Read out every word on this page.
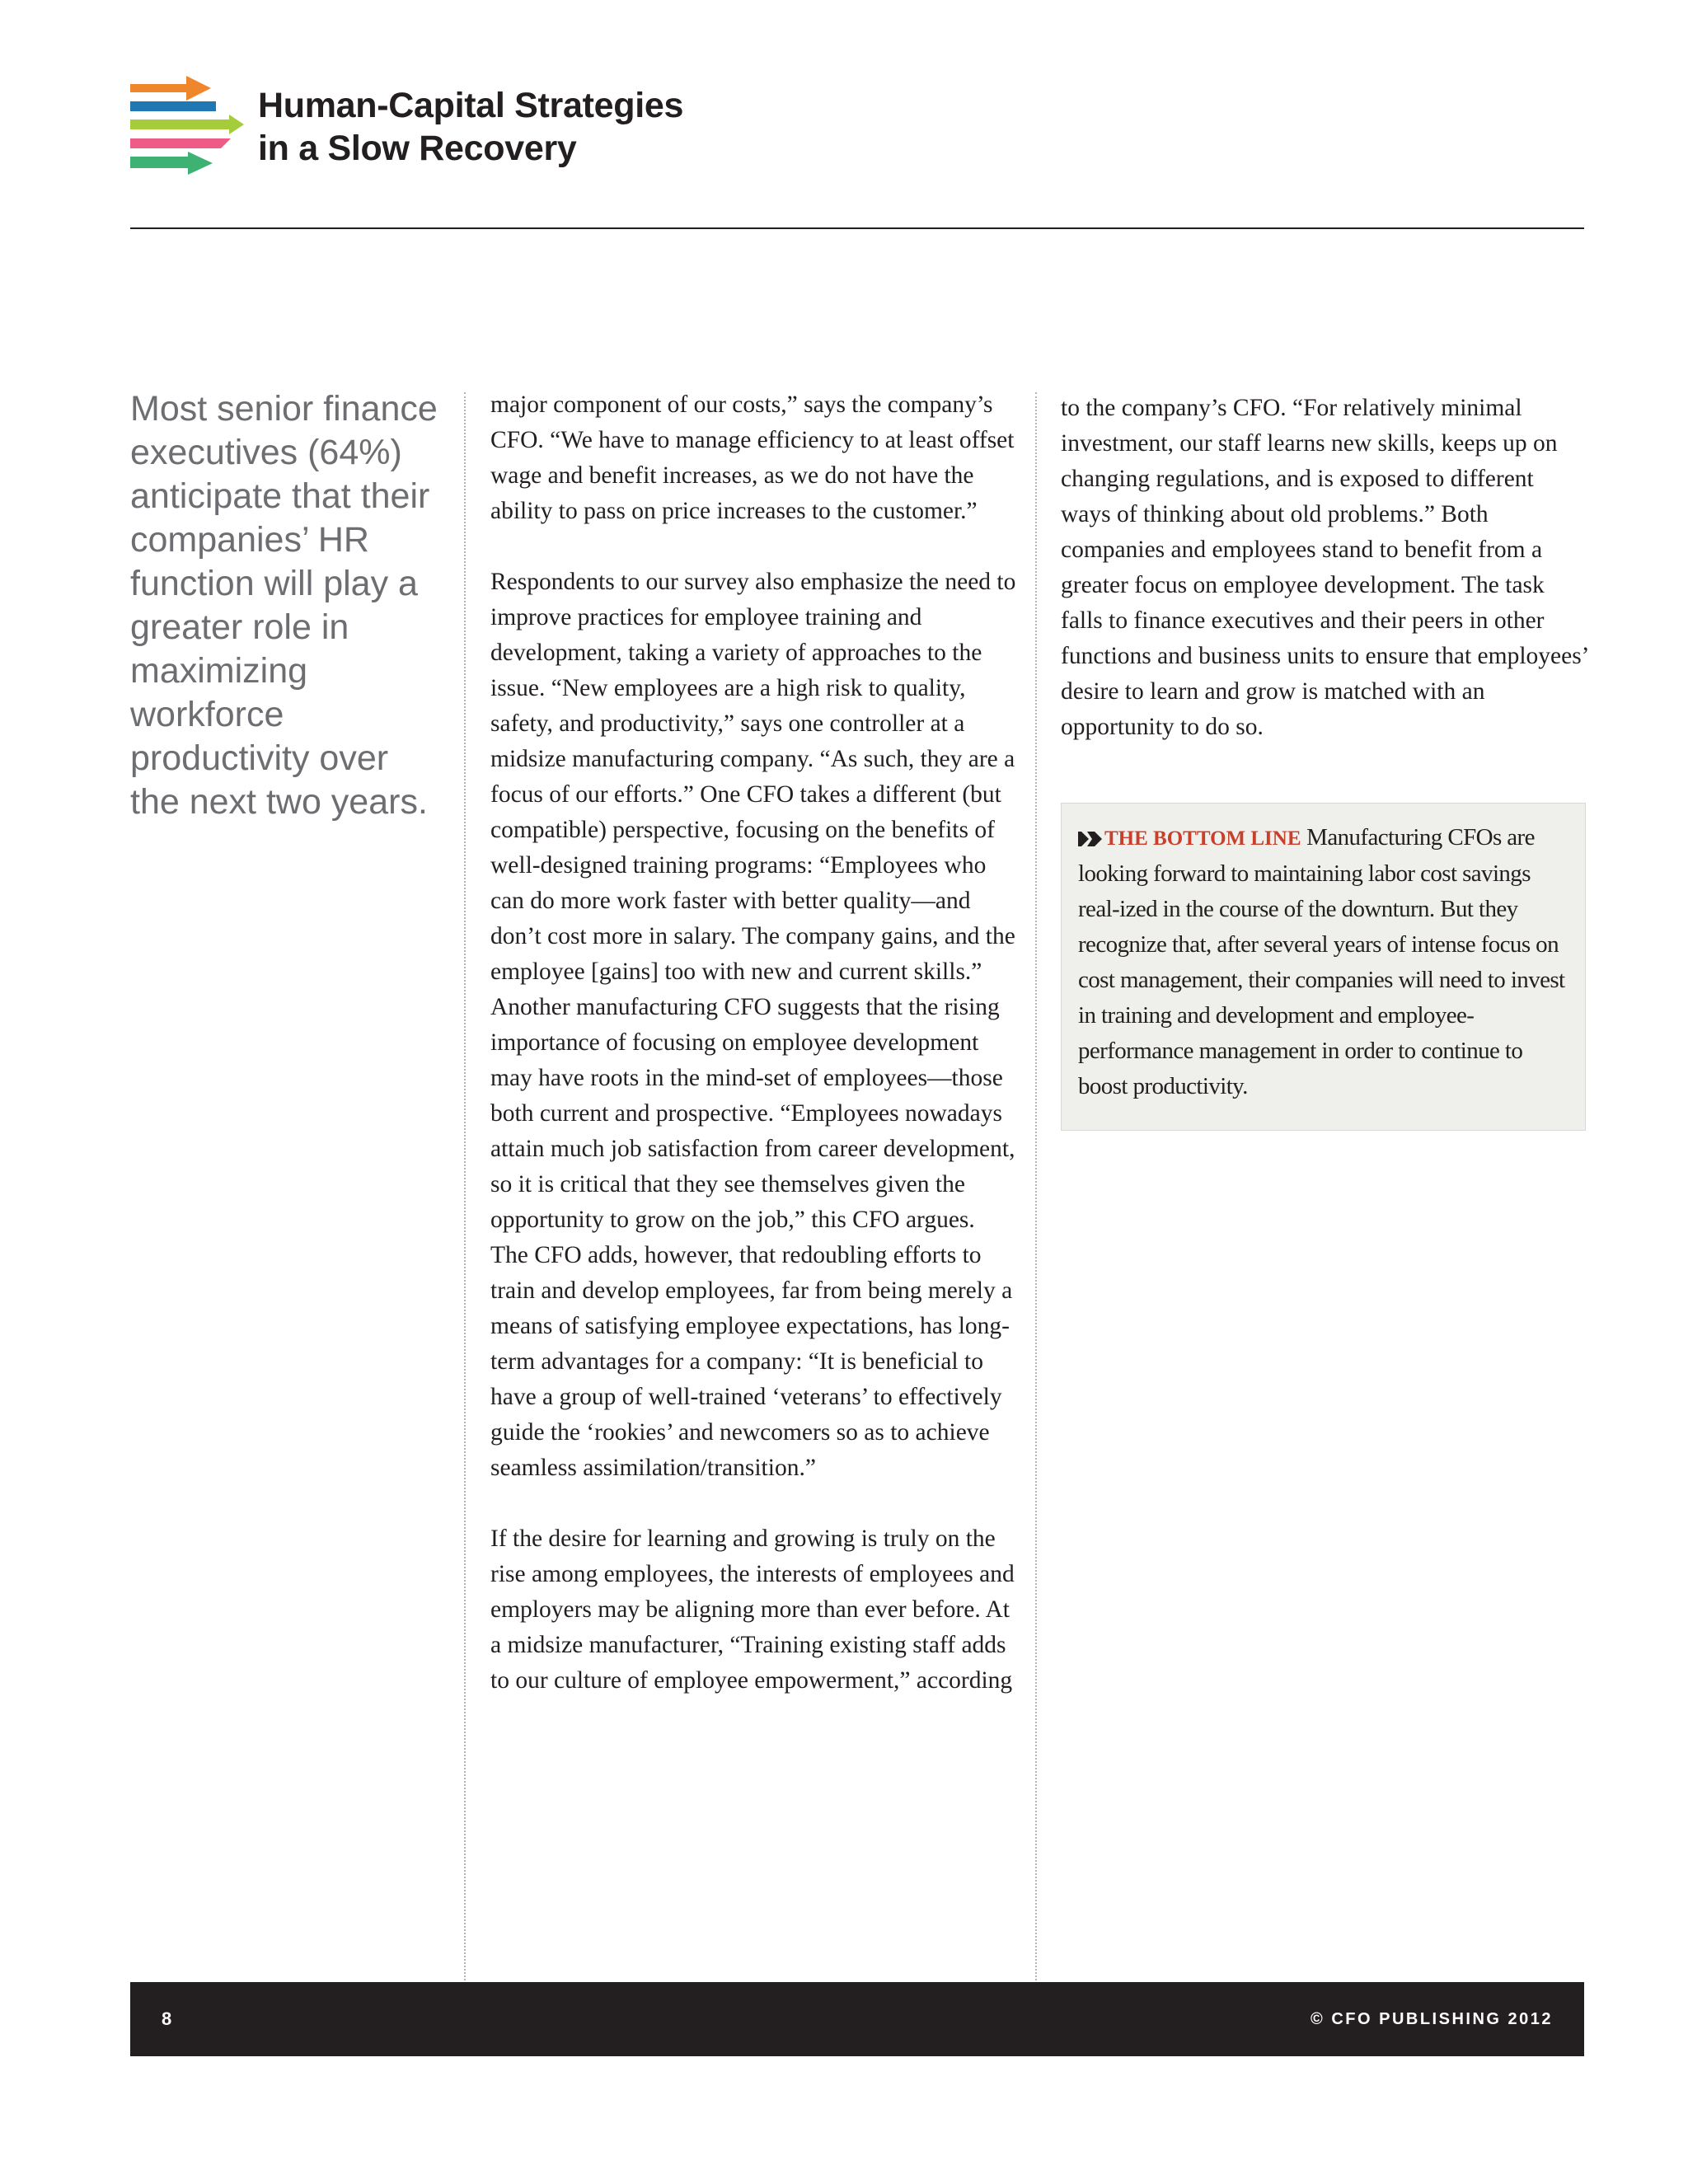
Human-Capital Strategies
in a Slow Recovery
Most senior finance executives (64%) anticipate that their companies’ HR function will play a greater role in maximizing workforce productivity over the next two years.

major component of our costs,” says the company’s CFO. “We have to manage efficiency to at least offset wage and benefit increases, as we do not have the ability to pass on price increases to the customer.”

Respondents to our survey also emphasize the need to improve practices for employee training and development, taking a variety of approaches to the issue. “New employees are a high risk to quality, safety, and productivity,” says one controller at a midsize manufacturing company. “As such, they are a focus of our efforts.” One CFO takes a different (but compatible) perspective, focusing on the benefits of well-designed training programs: “Employees who can do more work faster with better quality—and don’t cost more in salary. The company gains, and the employee [gains] too with new and current skills.” Another manufacturing CFO suggests that the rising importance of focusing on employee development may have roots in the mind-set of employees—those both current and prospective. “Employees nowadays attain much job satisfaction from career development, so it is critical that they see themselves given the opportunity to grow on the job,” this CFO argues. The CFO adds, however, that redoubling efforts to train and develop employees, far from being merely a means of satisfying employee expectations, has long-term advantages for a company: “It is beneficial to have a group of well-trained ‘veterans’ to effectively guide the ‘rookies’ and newcomers so as to achieve seamless assimilation/transition.”

If the desire for learning and growing is truly on the rise among employees, the interests of employees and employers may be aligning more than ever before. At a midsize manufacturer, “Training existing staff adds to our culture of employee empowerment,” according

to the company’s CFO. “For relatively minimal investment, our staff learns new skills, keeps up on changing regulations, and is exposed to different ways of thinking about old problems.” Both companies and employees stand to benefit from a greater focus on employee development. The task falls to finance executives and their peers in other functions and business units to ensure that employees’ desire to learn and grow is matched with an opportunity to do so.

THE BOTTOM LINE Manufacturing CFOs are looking forward to maintaining labor cost savings real-ized in the course of the downturn. But they recognize that, after several years of intense focus on cost management, their companies will need to invest in training and development and employee-performance management in order to continue to boost productivity.
8	© CFO PUBLISHING 2012
